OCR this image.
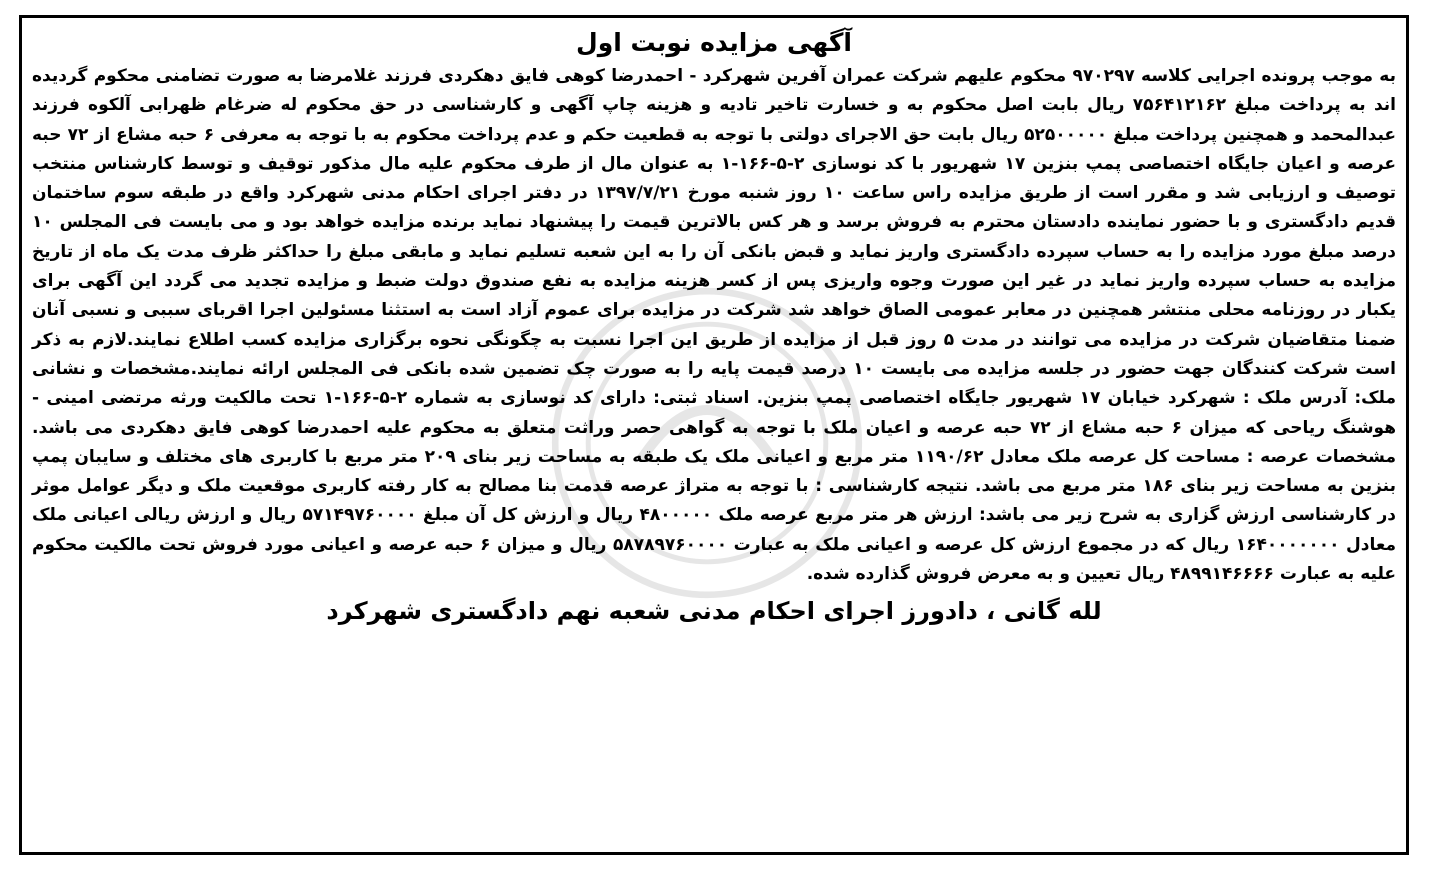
آگهی مزایده نوبت اول

به موجب پرونده اجرایی کلاسه ۹۷۰۲۹۷ محکوم علیهم شرکت عمران آفرین شهرکرد - احمدرضا کوهی فایق دهکردی فرزند غلامرضا به صورت تضامنی محکوم گردیده اند به پرداخت مبلغ ۷۵۶۴۱۲۱۶۲ ریال بابت اصل محکوم به و خسارت تاخیر تادیه و هزینه چاپ آگهی و کارشناسی در حق محکوم له ضرغام ظهرابی آلکوه فرزند عبدالمحمد و همچنین پرداخت مبلغ ۵۲۵۰۰۰۰۰ ریال بابت حق الاجرای دولتی با توجه به قطعیت حکم و عدم پرداخت محکوم به با توجه به معرفی ۶ حبه مشاع از ۷۲ حبه عرصه و اعیان جایگاه اختصاصی پمپ بنزین ۱۷ شهریور با کد نوسازی ۲-۵-۱۶۶-۱ به عنوان مال از طرف محکوم علیه مال مذکور توقیف و توسط کارشناس منتخب توصیف و ارزیابی شد و مقرر است از طریق مزایده راس ساعت ۱۰ روز شنبه مورخ ۱۳۹۷/۷/۲۱ در دفتر اجرای احکام مدنی شهرکرد واقع در طبقه سوم ساختمان قدیم دادگستری و با حضور نماینده دادستان محترم به فروش برسد و هر کس بالاترین قیمت را پیشنهاد نماید برنده مزایده خواهد بود و می بایست فی المجلس ۱۰ درصد مبلغ مورد مزایده را به حساب سپرده دادگستری واریز نماید و قبض بانکی آن را به این شعبه تسلیم نماید و مابقی مبلغ را حداکثر ظرف مدت یک ماه از تاریخ مزایده به حساب سپرده واریز نماید در غیر این صورت وجوه واریزی پس از کسر هزینه مزایده به نفع صندوق دولت ضبط و مزایده تجدید می گردد این آگهی برای یکبار در روزنامه محلی منتشر همچنین در معابر عمومی الصاق خواهد شد شرکت در مزایده برای عموم آزاد است به استثنا مسئولین اجرا اقربای سببی و نسبی آنان ضمنا متقاضیان شرکت در مزایده می توانند در مدت ۵ روز قبل از مزایده از طریق این اجرا نسبت به چگونگی نحوه برگزاری مزایده کسب اطلاع نمایند.لازم به ذکر است شرکت کنندگان جهت حضور در جلسه مزایده می بایست ۱۰ درصد قیمت پایه را به صورت چک تضمین شده بانکی فی المجلس ارائه نمایند.مشخصات و نشانی ملک: آدرس ملک : شهرکرد خیابان ۱۷ شهریور جایگاه اختصاصی پمپ بنزین. اسناد ثبتی: دارای کد نوسازی به شماره ۲-۵-۱۶۶-۱ تحت مالکیت ورثه مرتضی امینی - هوشنگ ریاحی که میزان ۶ حبه مشاع از ۷۲ حبه عرصه و اعیان ملک با توجه به گواهی حصر وراثت متعلق به محکوم علیه احمدرضا کوهی فایق دهکردی می باشد. مشخصات عرصه : مساحت کل عرصه ملک معادل ۱۱۹۰/۶۲ متر مربع و اعیانی ملک یک طبقه به مساحت زیر بنای ۲۰۹ متر مربع با کاربری های مختلف و سایبان پمپ بنزین به مساحت زیر بنای ۱۸۶ متر مربع می باشد. نتیجه کارشناسی : با توجه به متراژ عرصه قدمت بنا مصالح به کار رفته کاربری موقعیت ملک و دیگر عوامل موثر در کارشناسی ارزش گزاری به شرح زیر می باشد: ارزش هر متر مربع عرصه ملک ۴۸۰۰۰۰۰ ریال و ارزش کل آن مبلغ ۵۷۱۴۹۷۶۰۰۰۰ ریال و ارزش ریالی اعیانی ملک معادل ۱۶۴۰۰۰۰۰۰۰ ریال که در مجموع ارزش کل عرصه و اعیانی ملک به عبارت ۵۸۷۸۹۷۶۰۰۰۰ ریال و میزان ۶ حبه عرصه و اعیانی مورد فروش تحت مالکیت محکوم علیه به عبارت ۴۸۹۹۱۴۶۶۶۶ ریال تعیین و به معرض فروش گذارده شده.

لله گانی ، دادورز اجرای احکام مدنی شعبه نهم دادگستری شهرکرد
